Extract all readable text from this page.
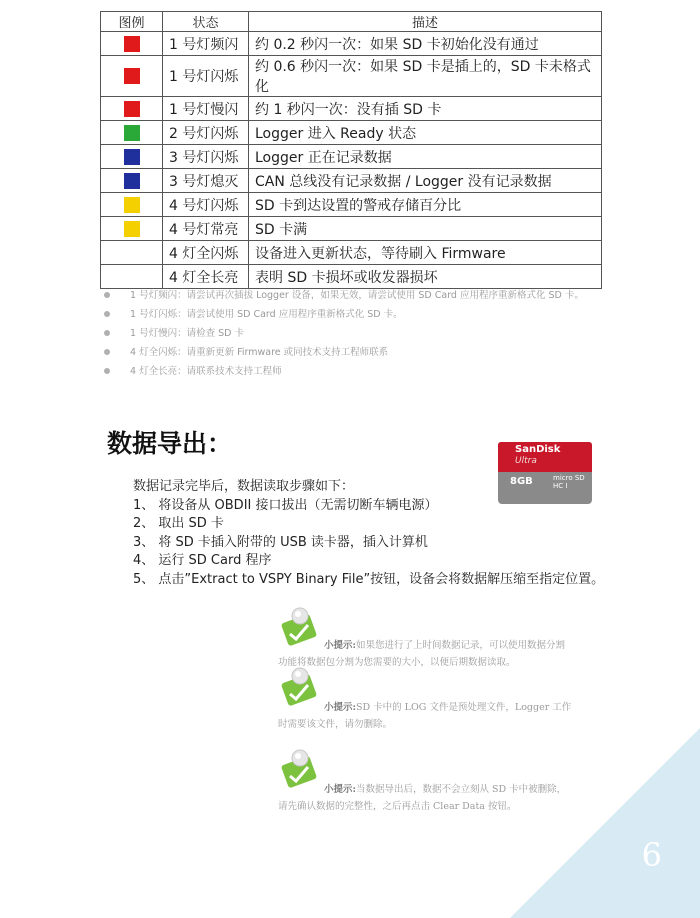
6
图例	状态	描述
	1 号灯频闪	约 0.2 秒闪一次：如果 SD 卡初始化没有通过
	1 号灯闪烁	约 0.6 秒闪一次：如果 SD 卡是插上的，SD 卡未格式化
	1 号灯慢闪	约 1 秒闪一次：没有插 SD 卡
	2 号灯闪烁	Logger 进入 Ready 状态
	3 号灯闪烁	Logger 正在记录数据
	3 号灯熄灭	CAN 总线没有记录数据 / Logger 没有记录数据
	4 号灯闪烁	SD 卡到达设置的警戒存储百分比
	4 号灯常亮	SD 卡满
	4 灯全闪烁	设备进入更新状态，等待刷入 Firmware
	4 灯全长亮	表明 SD 卡损坏或收发器损坏
1 号灯频闪：请尝试再次插拔 Logger 设备，如果无效，请尝试使用 SD Card 应用程序重新格式化 SD 卡。
1 号灯闪烁：请尝试使用 SD Card 应用程序重新格式化 SD 卡。
1 号灯慢闪：请检查 SD 卡
4 灯全闪烁：请重新更新 Firmware 或同技术支持工程师联系
4 灯全长亮：请联系技术支持工程师
数据导出：	SanDisk
Ultra
8GB	micro SD HC I
数据记录完毕后，数据读取步骤如下：
1、 将设备从 OBDII 接口拔出（无需切断车辆电源）
2、 取出 SD 卡
3、 将 SD 卡插入附带的 USB 读卡器，插入计算机
4、 运行 SD Card 程序
5、 点击”Extract to VSPY Binary File”按钮，设备会将数据解压缩至指定位置。
小提示:如果您进行了上时间数据记录，可以使用数据分割
功能将数据包分割为您需要的大小，以便后期数据读取。
小提示:SD 卡中的 LOG 文件是预处理文件，Logger 工作
时需要该文件，请勿删除。
小提示:当数据导出后，数据不会立刻从 SD 卡中被删除，
请先确认数据的完整性，之后再点击 Clear Data 按钮。
